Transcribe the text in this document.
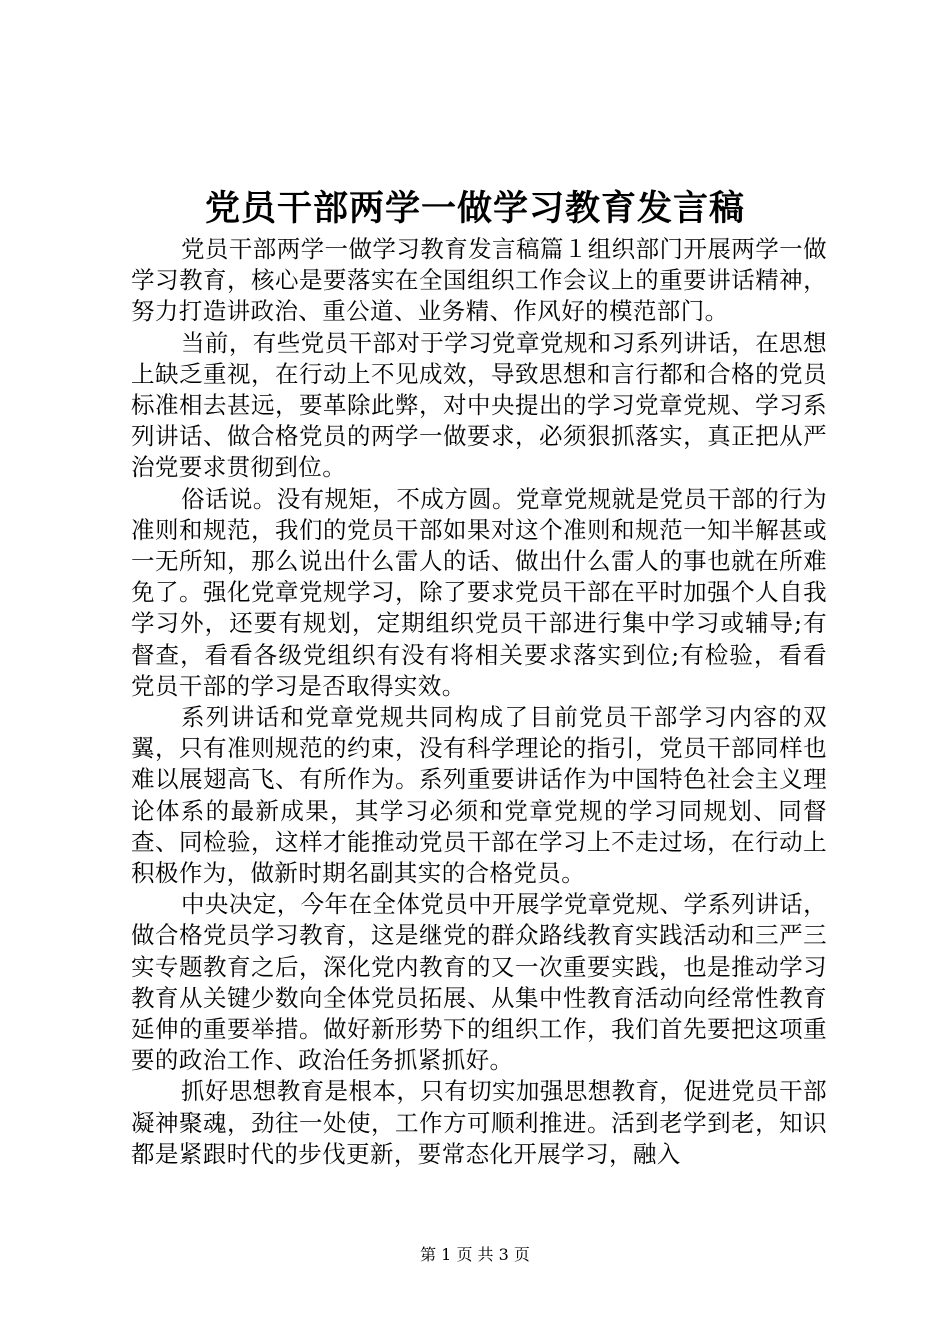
党员干部两学一做学习教育发言稿

党员干部两学一做学习教育发言稿篇１组织部门开展两学一做学习教育，核心是要落实在全国组织工作会议上的重要讲话精神，努力打造讲政治、重公道、业务精、作风好的模范部门。

当前，有些党员干部对于学习党章党规和习系列讲话，在思想上缺乏重视，在行动上不见成效，导致思想和言行都和合格的党员标准相去甚远，要革除此弊，对中央提出的学习党章党规、学习系列讲话、做合格党员的两学一做要求，必须狠抓落实，真正把从严治党要求贯彻到位。

俗话说。没有规矩，不成方圆。党章党规就是党员干部的行为准则和规范，我们的党员干部如果对这个准则和规范一知半解甚或一无所知，那么说出什么雷人的话、做出什么雷人的事也就在所难免了。强化党章党规学习，除了要求党员干部在平时加强个人自我学习外，还要有规划，定期组织党员干部进行集中学习或辅导;有督查，看看各级党组织有没有将相关要求落实到位;有检验，看看党员干部的学习是否取得实效。

系列讲话和党章党规共同构成了目前党员干部学习内容的双翼，只有准则规范的约束，没有科学理论的指引，党员干部同样也难以展翅高飞、有所作为。系列重要讲话作为中国特色社会主义理论体系的最新成果，其学习必须和党章党规的学习同规划、同督查、同检验，这样才能推动党员干部在学习上不走过场，在行动上积极作为，做新时期名副其实的合格党员。

中央决定，今年在全体党员中开展学党章党规、学系列讲话，做合格党员学习教育，这是继党的群众路线教育实践活动和三严三实专题教育之后，深化党内教育的又一次重要实践，也是推动学习教育从关键少数向全体党员拓展、从集中性教育活动向经常性教育延伸的重要举措。做好新形势下的组织工作，我们首先要把这项重要的政治工作、政治任务抓紧抓好。

抓好思想教育是根本，只有切实加强思想教育，促进党员干部凝神聚魂，劲往一处使，工作方可顺利推进。活到老学到老，知识都是紧跟时代的步伐更新，要常态化开展学习，融入

第 1 页 共 3 页
